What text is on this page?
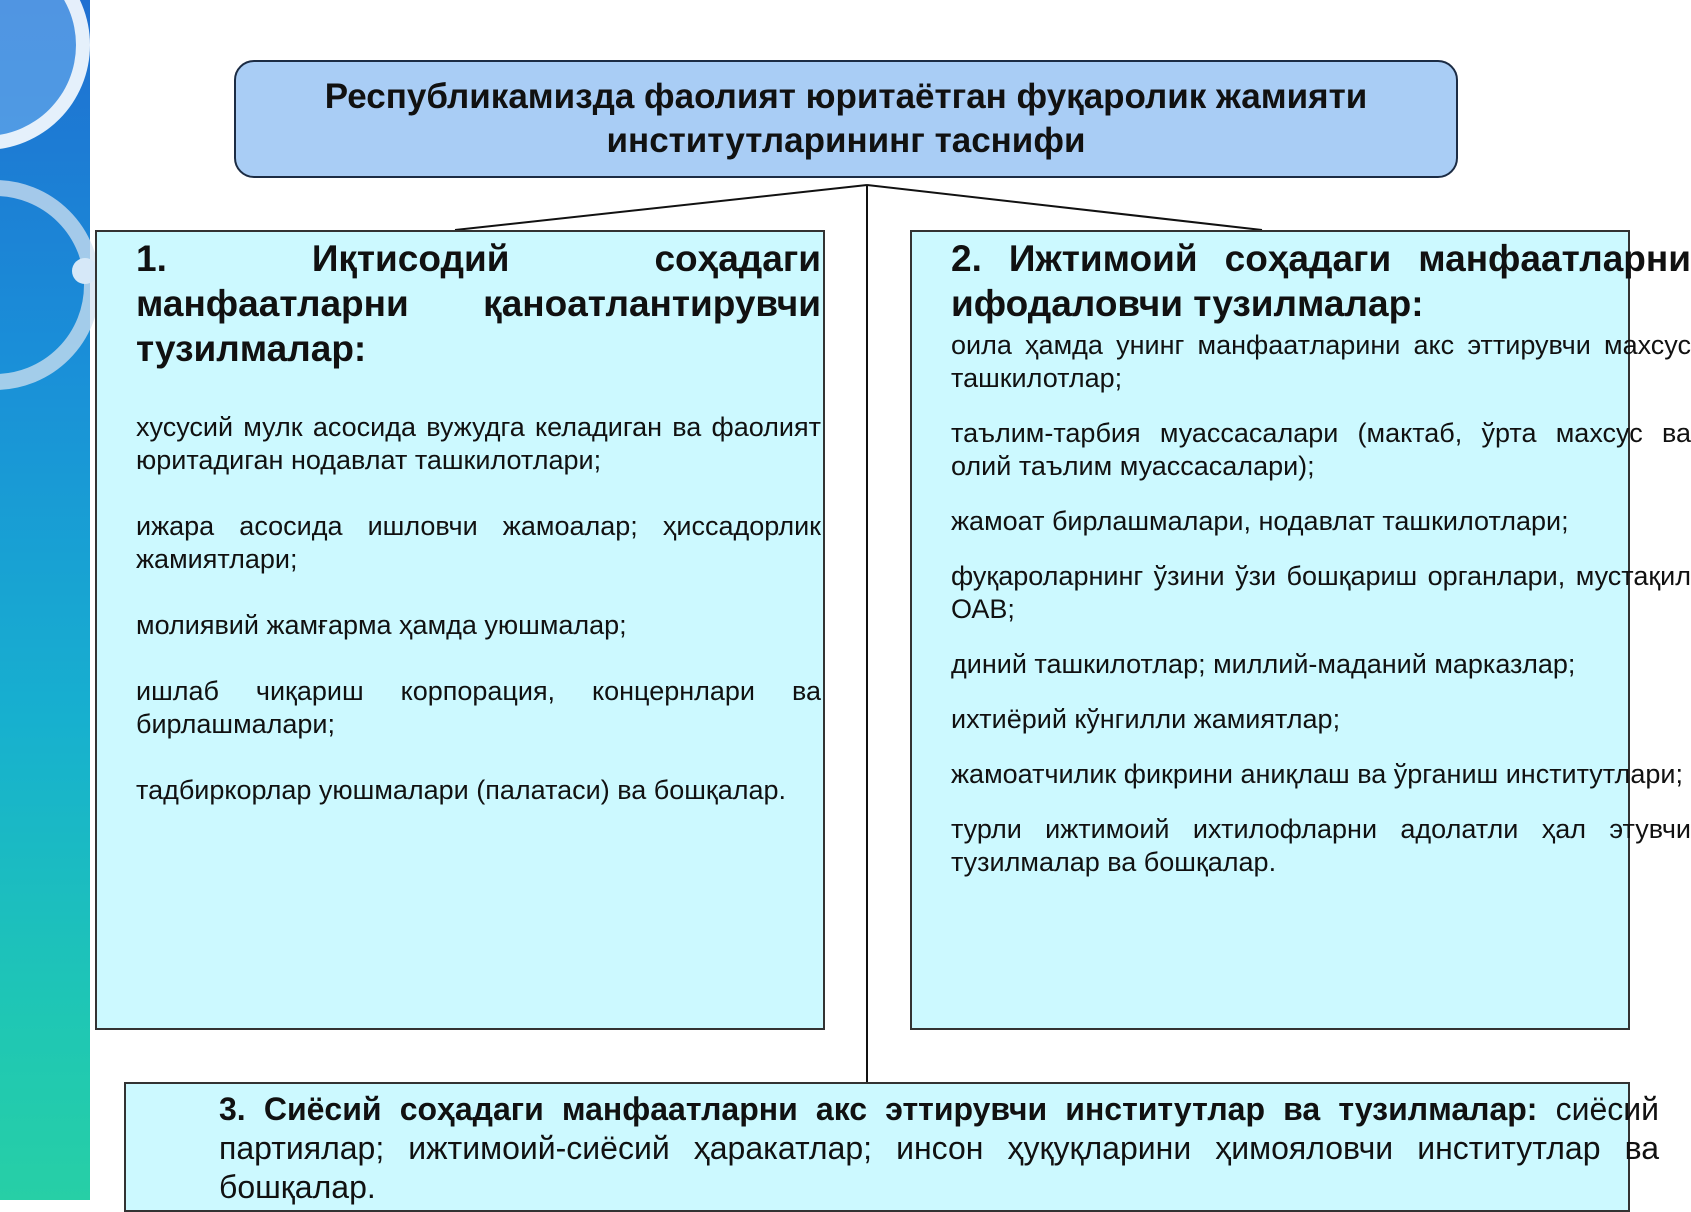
Республикамизда фаолият юритаётган фуқаролик жамияти институтларининг таснифи
1. Иқтисодий соҳадаги манфаатларни қаноатлантирувчи тузилмалар:
хусусий мулк асосида вужудга келадиган ва фаолият юритадиган нодавлат ташкилотлари;
ижара асосида ишловчи жамоалар; ҳиссадорлик жамиятлари;
молиявий жамғарма ҳамда уюшмалар;
ишлаб чиқариш корпорация, концернлари ва бирлашмалари;
тадбиркорлар уюшмалари (палатаси) ва бошқалар.
2. Ижтимоий соҳадаги манфаатларни ифодаловчи тузилмалар:
оила ҳамда унинг манфаатларини акс эттирувчи махсус ташкилотлар;
таълим-тарбия муассасалари (мактаб, ўрта махсус ва олий таълим муассасалари);
жамоат бирлашмалари, нодавлат ташкилотлари;
фуқароларнинг ўзини ўзи бошқариш органлари, мустақил ОАВ;
диний ташкилотлар; миллий-маданий марказлар;
ихтиёрий кўнгилли жамиятлар;
жамоатчилик фикрини аниқлаш ва ўрганиш институтлари;
турли ижтимоий ихтилофларни адолатли ҳал этувчи тузилмалар ва бошқалар.
3. Сиёсий соҳадаги манфаатларни акс эттирувчи институтлар ва тузилмалар: сиёсий партиялар; ижтимоий-сиёсий ҳаракатлар; инсон ҳуқуқларини ҳимояловчи институтлар ва бошқалар.
